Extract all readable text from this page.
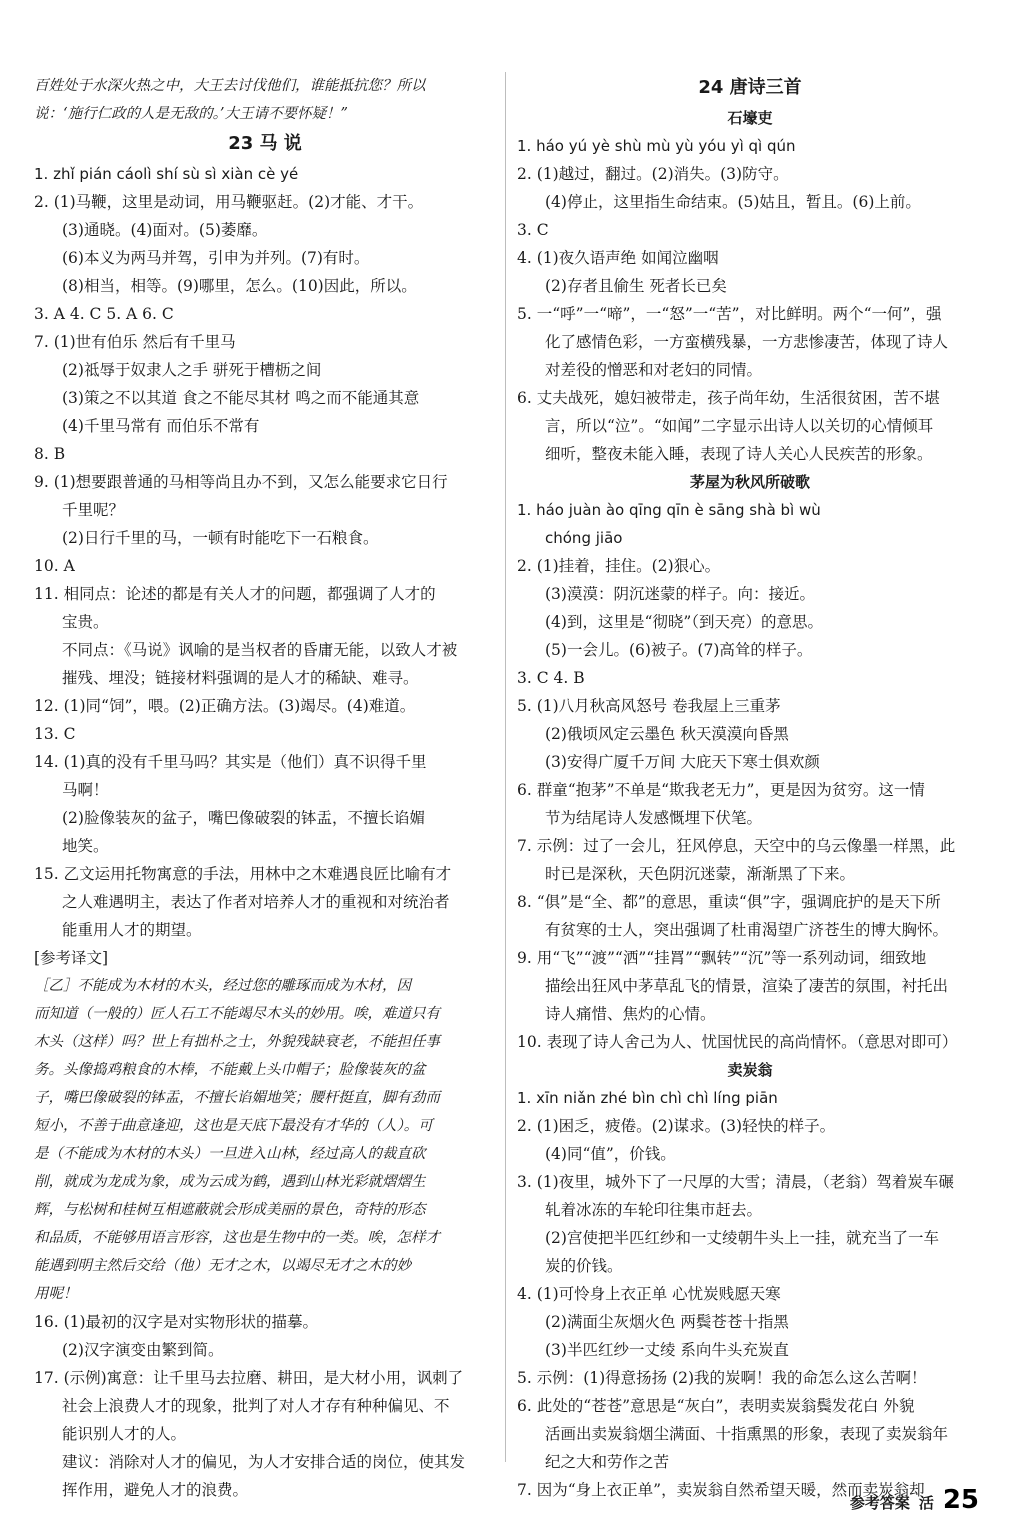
百姓处于水深火热之中，大王去讨伐他们，谁能抵抗您？所以
说：‘施行仁政的人是无敌的。’大王请不要怀疑！”
23 马 说
1. zhǐ pián cáolì shí sù sì xiàn cè yé
2. (1)马鞭，这里是动词，用马鞭驱赶。(2)才能、才干。
(3)通晓。(4)面对。(5)萎靡。
(6)本义为两马并驾，引申为并列。(7)有时。
(8)相当，相等。(9)哪里，怎么。(10)因此，所以。
3. A 4. C 5. A 6. C
7. (1)世有伯乐 然后有千里马
(2)祗辱于奴隶人之手 骈死于槽枥之间
(3)策之不以其道 食之不能尽其材 鸣之而不能通其意
(4)千里马常有 而伯乐不常有
8. B
9. (1)想要跟普通的马相等尚且办不到，又怎么能要求它日行
千里呢？
(2)日行千里的马，一顿有时能吃下一石粮食。
10. A
11. 相同点：论述的都是有关人才的问题，都强调了人才的
宝贵。
不同点：《马说》讽喻的是当权者的昏庸无能，以致人才被
摧残、埋没；链接材料强调的是人才的稀缺、难寻。
12. (1)同“饲”，喂。(2)正确方法。(3)竭尽。(4)难道。
13. C
14. (1)真的没有千里马吗？其实是（他们）真不识得千里
马啊！
(2)脸像装灰的盆子，嘴巴像破裂的钵盂，不擅长谄媚
地笑。
15. 乙文运用托物寓意的手法，用林中之木难遇良匠比喻有才
之人难遇明主，表达了作者对培养人才的重视和对统治者
能重用人才的期望。
[参考译文]
［乙］不能成为木材的木头，经过您的雕琢而成为木材，因
而知道（一般的）匠人石工不能竭尽木头的妙用。唉，难道只有
木头（这样）吗？世上有拙朴之士，外貌残缺衰老，不能担任事
务。头像捣鸡粮食的木棒，不能戴上头巾帽子；脸像装灰的盆
子，嘴巴像破裂的钵盂，不擅长谄媚地笑；腰杆挺直，脚有劲而
短小，不善于曲意逢迎，这也是天底下最没有才华的（人）。可
是（不能成为木材的木头）一旦进入山林，经过高人的裁直砍
削，就成为龙成为象，成为云成为鹤，遇到山林光彩就熠熠生
辉，与松树和桂树互相遮蔽就会形成美丽的景色，奇特的形态
和品质，不能够用语言形容，这也是生物中的一类。唉，怎样才
能遇到明主然后交给（他）无才之木，以竭尽无才之木的妙
用呢！
16. (1)最初的汉字是对实物形状的描摹。
(2)汉字演变由繁到简。
17. (示例)寓意：让千里马去拉磨、耕田，是大材小用，讽刺了
社会上浪费人才的现象，批判了对人才存有种种偏见、不
能识别人才的人。
建议：消除对人才的偏见，为人才安排合适的岗位，使其发
挥作用，避免人才的浪费。
24 唐诗三首
石壕吏
1. háo yú yè shù mù yù yóu yì qì qún
2. (1)越过，翻过。(2)消失。(3)防守。
(4)停止，这里指生命结束。(5)姑且，暂且。(6)上前。
3. C
4. (1)夜久语声绝 如闻泣幽咽
(2)存者且偷生 死者长已矣
5. 一“呼”一“啼”，一“怒”一“苦”，对比鲜明。两个“一何”，强
化了感情色彩，一方蛮横残暴，一方悲惨凄苦，体现了诗人
对差役的憎恶和对老妇的同情。
6. 丈夫战死，媳妇被带走，孩子尚年幼，生活很贫困，苦不堪
言，所以“泣”。“如闻”二字显示出诗人以关切的心情倾耳
细听，整夜未能入睡，表现了诗人关心人民疾苦的形象。
茅屋为秋风所破歌
1. háo juàn ào qīng qīn è sāng shà bì wù
chóng jiāo
2. (1)挂着，挂住。(2)狠心。
(3)漠漠：阴沉迷蒙的样子。向：接近。
(4)到，这里是“彻晓”（到天亮）的意思。
(5)一会儿。(6)被子。(7)高耸的样子。
3. C 4. B
5. (1)八月秋高风怒号 卷我屋上三重茅
(2)俄顷风定云墨色 秋天漠漠向昏黑
(3)安得广厦千万间 大庇天下寒士俱欢颜
6. 群童“抱茅”不单是“欺我老无力”，更是因为贫穷。这一情
节为结尾诗人发感慨埋下伏笔。
7. 示例：过了一会儿，狂风停息，天空中的乌云像墨一样黑，此
时已是深秋，天色阴沉迷蒙，渐渐黑了下来。
8. “俱”是“全、都”的意思，重读“俱”字，强调庇护的是天下所
有贫寒的士人，突出强调了杜甫渴望广济苍生的博大胸怀。
9. 用“飞”“渡”“洒”“挂罥”“飘转”“沉”等一系列动词，细致地
描绘出狂风中茅草乱飞的情景，渲染了凄苦的氛围，衬托出
诗人痛惜、焦灼的心情。
10. 表现了诗人舍己为人、忧国忧民的高尚情怀。（意思对即可）
卖炭翁
1. xīn niǎn zhé bìn chì chì líng piān
2. (1)困乏，疲倦。(2)谋求。(3)轻快的样子。
(4)同“值”，价钱。
3. (1)夜里，城外下了一尺厚的大雪；清晨，（老翁）驾着炭车碾
轧着冰冻的车轮印往集市赶去。
(2)宫使把半匹红纱和一丈绫朝牛头上一挂，就充当了一车
炭的价钱。
4. (1)可怜身上衣正单 心忧炭贱愿天寒
(2)满面尘灰烟火色 两鬓苍苍十指黑
(3)半匹红纱一丈绫 系向牛头充炭直
5. 示例：(1)得意扬扬 (2)我的炭啊！我的命怎么这么苦啊！
6. 此处的“苍苍”意思是“灰白”，表明卖炭翁鬓发花白 外貌
活画出卖炭翁烟尘满面、十指熏黑的形象，表现了卖炭翁年
纪之大和劳作之苦
7. 因为“身上衣正单”，卖炭翁自然希望天暖，然而卖炭翁却
参考答案 活 25
